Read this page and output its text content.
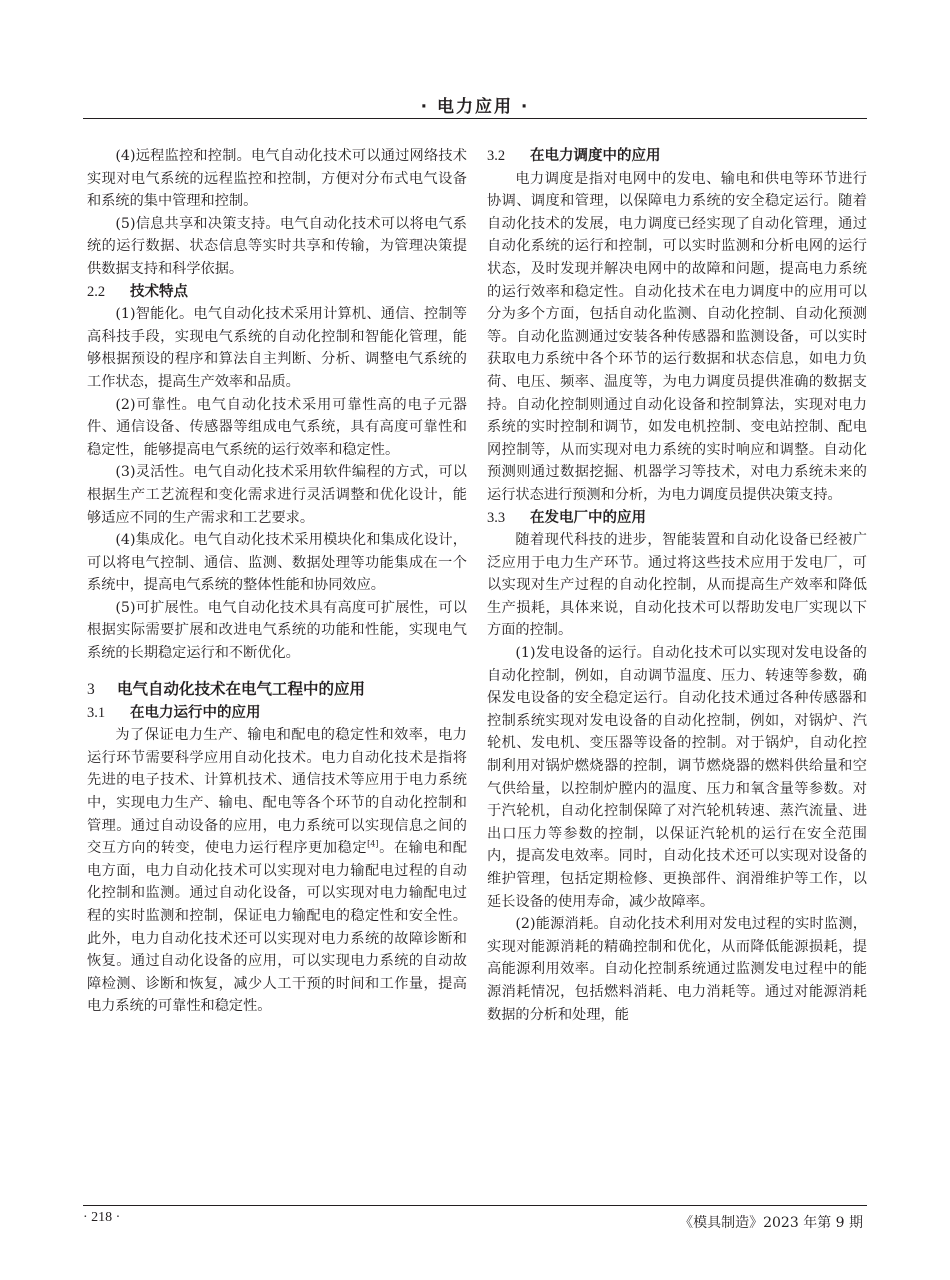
· 电力应用 ·

(4)远程监控和控制。电气自动化技术可以通过网络技术实现对电气系统的远程监控和控制，方便对分布式电气设备和系统的集中管理和控制。

(5)信息共享和决策支持。电气自动化技术可以将电气系统的运行数据、状态信息等实时共享和传输，为管理决策提供数据支持和科学依据。

2.2 技术特点

(1)智能化。电气自动化技术采用计算机、通信、控制等高科技手段，实现电气系统的自动化控制和智能化管理，能够根据预设的程序和算法自主判断、分析、调整电气系统的工作状态，提高生产效率和品质。

(2)可靠性。电气自动化技术采用可靠性高的电子元器件、通信设备、传感器等组成电气系统，具有高度可靠性和稳定性，能够提高电气系统的运行效率和稳定性。

(3)灵活性。电气自动化技术采用软件编程的方式，可以根据生产工艺流程和变化需求进行灵活调整和优化设计，能够适应不同的生产需求和工艺要求。

(4)集成化。电气自动化技术采用模块化和集成化设计，可以将电气控制、通信、监测、数据处理等功能集成在一个系统中，提高电气系统的整体性能和协同效应。

(5)可扩展性。电气自动化技术具有高度可扩展性，可以根据实际需要扩展和改进电气系统的功能和性能，实现电气系统的长期稳定运行和不断优化。

3 电气自动化技术在电气工程中的应用
3.1 在电力运行中的应用

为了保证电力生产、输电和配电的稳定性和效率，电力运行环节需要科学应用自动化技术。电力自动化技术是指将先进的电子技术、计算机技术、通信技术等应用于电力系统中，实现电力生产、输电、配电等各个环节的自动化控制和管理。通过自动设备的应用，电力系统可以实现信息之间的交互方向的转变，使电力运行程序更加稳定[4]。在输电和配电方面，电力自动化技术可以实现对电力输配电过程的自动化控制和监测。通过自动化设备，可以实现对电力输配电过程的实时监测和控制，保证电力输配电的稳定性和安全性。此外，电力自动化技术还可以实现对电力系统的故障诊断和恢复。通过自动化设备的应用，可以实现电力系统的自动故障检测、诊断和恢复，减少人工干预的时间和工作量，提高电力系统的可靠性和稳定性。

3.2 在电力调度中的应用

电力调度是指对电网中的发电、输电和供电等环节进行协调、调度和管理，以保障电力系统的安全稳定运行。随着自动化技术的发展，电力调度已经实现了自动化管理，通过自动化系统的运行和控制，可以实时监测和分析电网的运行状态，及时发现并解决电网中的故障和问题，提高电力系统的运行效率和稳定性。自动化技术在电力调度中的应用可以分为多个方面，包括自动化监测、自动化控制、自动化预测等。自动化监测通过安装各种传感器和监测设备，可以实时获取电力系统中各个环节的运行数据和状态信息，如电力负荷、电压、频率、温度等，为电力调度员提供准确的数据支持。自动化控制则通过自动化设备和控制算法，实现对电力系统的实时控制和调节，如发电机控制、变电站控制、配电网控制等，从而实现对电力系统的实时响应和调整。自动化预测则通过数据挖掘、机器学习等技术，对电力系统未来的运行状态进行预测和分析，为电力调度员提供决策支持。

3.3 在发电厂中的应用

随着现代科技的进步，智能装置和自动化设备已经被广泛应用于电力生产环节。通过将这些技术应用于发电厂，可以实现对生产过程的自动化控制，从而提高生产效率和降低生产损耗，具体来说，自动化技术可以帮助发电厂实现以下方面的控制。

(1)发电设备的运行。自动化技术可以实现对发电设备的自动化控制，例如，自动调节温度、压力、转速等参数，确保发电设备的安全稳定运行。自动化技术通过各种传感器和控制系统实现对发电设备的自动化控制，例如，对锅炉、汽轮机、发电机、变压器等设备的控制。对于锅炉，自动化控制利用对锅炉燃烧器的控制，调节燃烧器的燃料供给量和空气供给量，以控制炉膛内的温度、压力和氧含量等参数。对于汽轮机，自动化控制保障了对汽轮机转速、蒸汽流量、进出口压力等参数的控制，以保证汽轮机的运行在安全范围内，提高发电效率。同时，自动化技术还可以实现对设备的维护管理，包括定期检修、更换部件、润滑维护等工作，以延长设备的使用寿命，减少故障率。

(2)能源消耗。自动化技术利用对发电过程的实时监测，实现对能源消耗的精确控制和优化，从而降低能源损耗，提高能源利用效率。自动化控制系统通过监测发电过程中的能源消耗情况，包括燃料消耗、电力消耗等。通过对能源消耗数据的分析和处理，能

· 218 ·	《模具制造》2023 年第 9 期
